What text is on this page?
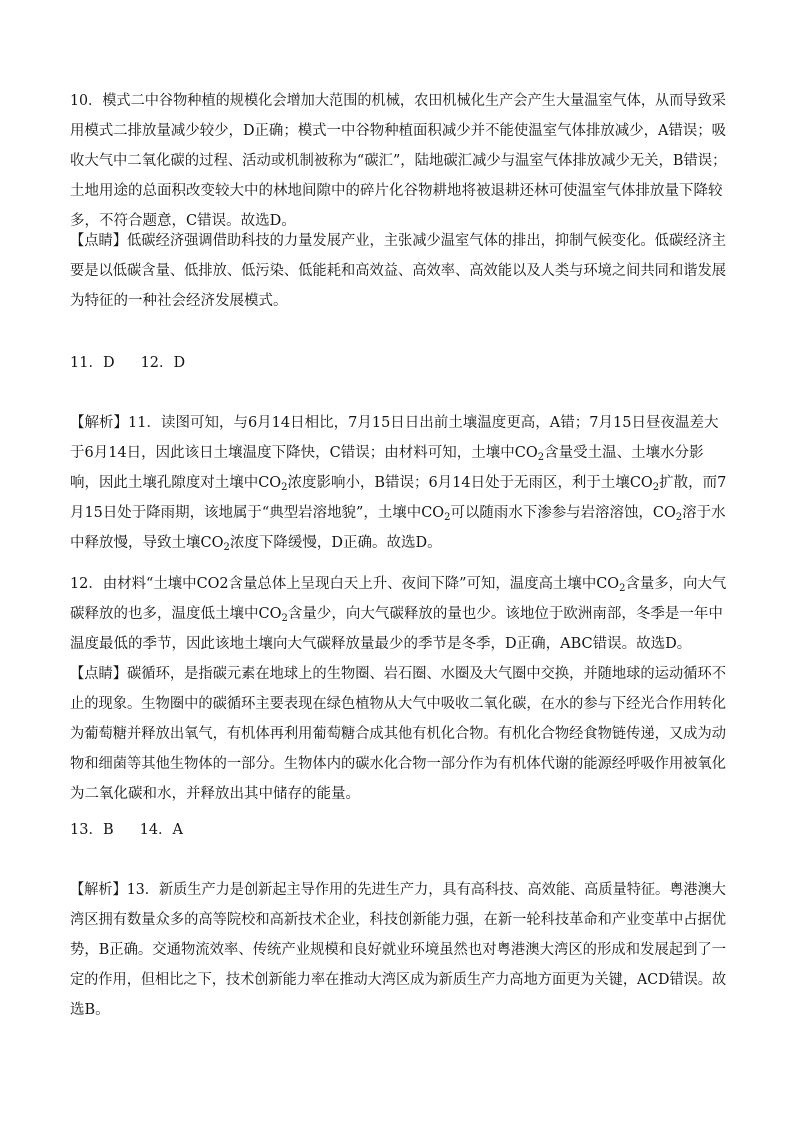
10．模式二中谷物种植的规模化会增加大范围的机械，农田机械化生产会产生大量温室气体，从而导致采
用模式二排放量减少较少，D正确；模式一中谷物种植面积减少并不能使温室气体排放减少，A错误；吸
收大气中二氧化碳的过程、活动或机制被称为“碳汇”，陆地碳汇减少与温室气体排放减少无关，B错误；
土地用途的总面积改变较大中的林地间隙中的碎片化谷物耕地将被退耕还林可使温室气体排放量下降较
多，不符合题意，C错误。故选D。
【点睛】低碳经济强调借助科技的力量发展产业，主张减少温室气体的排出，抑制气候变化。低碳经济主
要是以低碳含量、低排放、低污染、低能耗和高效益、高效率、高效能以及人类与环境之间共同和谐发展
为特征的一种社会经济发展模式。
11．D 12．D
【解析】11．读图可知，与6月14日相比，7月15日日出前土壤温度更高，A错；7月15日昼夜温差大
于6月14日，因此该日土壤温度下降快，C错误；由材料可知，土壤中$CO_2$含量受土温、土壤水分影
响，因此土壤孔隙度对土壤中$CO_2$浓度影响小，B错误；6月14日处于无雨区，利于土壤$CO_2$扩散，而7
月15日处于降雨期，该地属于“典型岩溶地貌”，土壤中$CO_2$可以随雨水下渗参与岩溶溶蚀，$CO_2$溶于水
中释放慢，导致土壤$CO_2$浓度下降缓慢，D正确。故选D。
12．由材料“土壤中CO2含量总体上呈现白天上升、夜间下降”可知，温度高土壤中$CO_2$含量多，向大气
碳释放的也多，温度低土壤中$CO_2$含量少，向大气碳释放的量也少。该地位于欧洲南部，冬季是一年中
温度最低的季节，因此该地土壤向大气碳释放量最少的季节是冬季，D正确，ABC错误。故选D。
【点睛】碳循环，是指碳元素在地球上的生物圈、岩石圈、水圈及大气圈中交换，并随地球的运动循环不
止的现象。生物圈中的碳循环主要表现在绿色植物从大气中吸收二氧化碳，在水的参与下经光合作用转化
为葡萄糖并释放出氧气，有机体再利用葡萄糖合成其他有机化合物。有机化合物经食物链传递，又成为动
物和细菌等其他生物体的一部分。生物体内的碳水化合物一部分作为有机体代谢的能源经呼吸作用被氧化
为二氧化碳和水，并释放出其中储存的能量。
13．B 14．A
【解析】13．新质生产力是创新起主导作用的先进生产力，具有高科技、高效能、高质量特征。粤港澳大
湾区拥有数量众多的高等院校和高新技术企业，科技创新能力强，在新一轮科技革命和产业变革中占据优
势，B正确。交通物流效率、传统产业规模和良好就业环境虽然也对粤港澳大湾区的形成和发展起到了一
定的作用，但相比之下，技术创新能力率在推动大湾区成为新质生产力高地方面更为关键，ACD错误。故
选B。
